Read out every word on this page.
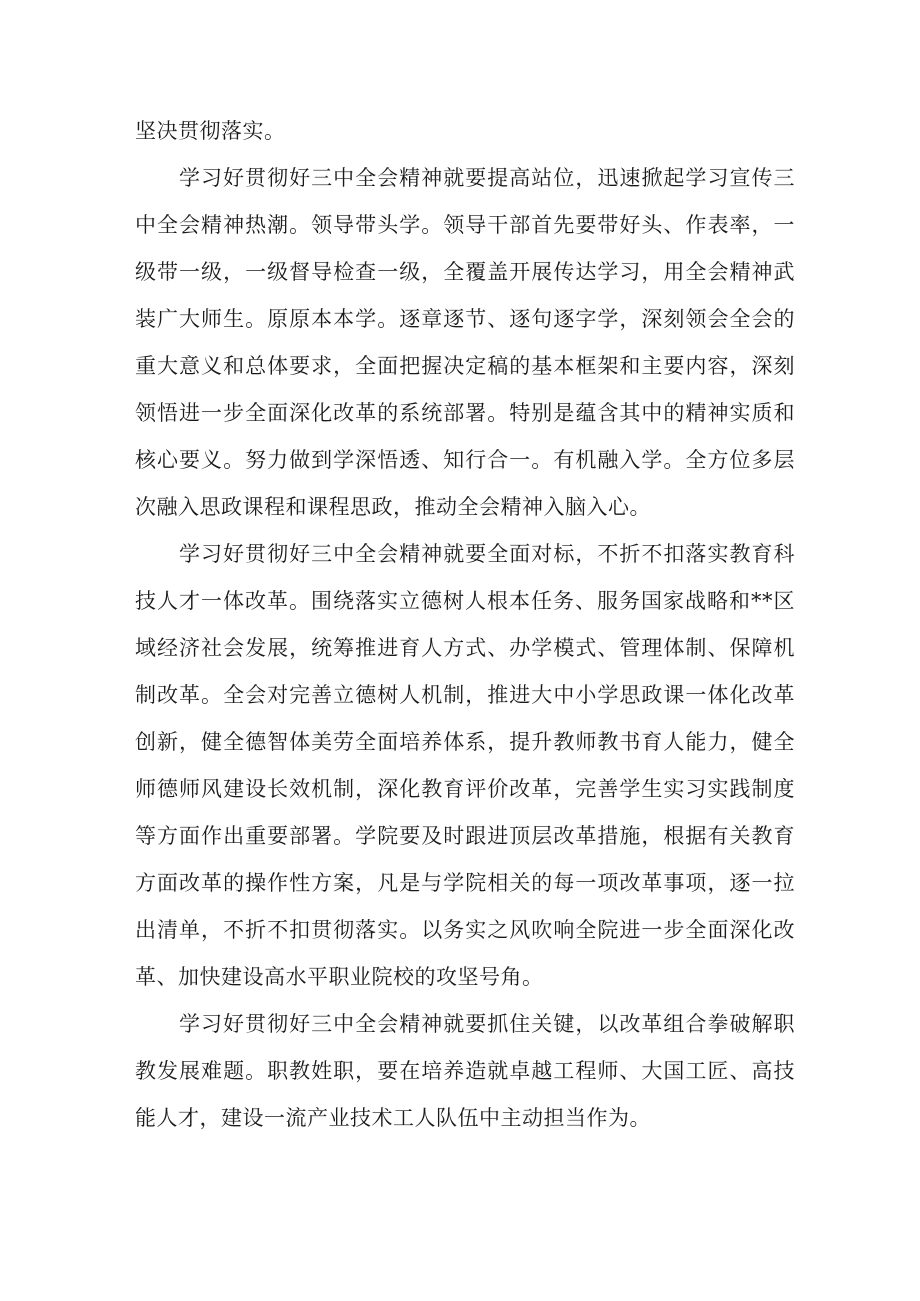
坚决贯彻落实。

学习好贯彻好三中全会精神就要提高站位，迅速掀起学习宣传三中全会精神热潮。领导带头学。领导干部首先要带好头、作表率，一级带一级，一级督导检查一级，全覆盖开展传达学习，用全会精神武装广大师生。原原本本学。逐章逐节、逐句逐字学，深刻领会全会的重大意义和总体要求，全面把握决定稿的基本框架和主要内容，深刻领悟进一步全面深化改革的系统部署。特别是蕴含其中的精神实质和核心要义。努力做到学深悟透、知行合一。有机融入学。全方位多层次融入思政课程和课程思政，推动全会精神入脑入心。

学习好贯彻好三中全会精神就要全面对标，不折不扣落实教育科技人才一体改革。围绕落实立德树人根本任务、服务国家战略和**区域经济社会发展，统筹推进育人方式、办学模式、管理体制、保障机制改革。全会对完善立德树人机制，推进大中小学思政课一体化改革创新，健全德智体美劳全面培养体系，提升教师教书育人能力，健全师德师风建设长效机制，深化教育评价改革，完善学生实习实践制度等方面作出重要部署。学院要及时跟进顶层改革措施，根据有关教育方面改革的操作性方案，凡是与学院相关的每一项改革事项，逐一拉出清单，不折不扣贯彻落实。以务实之风吹响全院进一步全面深化改革、加快建设高水平职业院校的攻坚号角。

学习好贯彻好三中全会精神就要抓住关键，以改革组合拳破解职教发展难题。职教姓职，要在培养造就卓越工程师、大国工匠、高技能人才，建设一流产业技术工人队伍中主动担当作为。
